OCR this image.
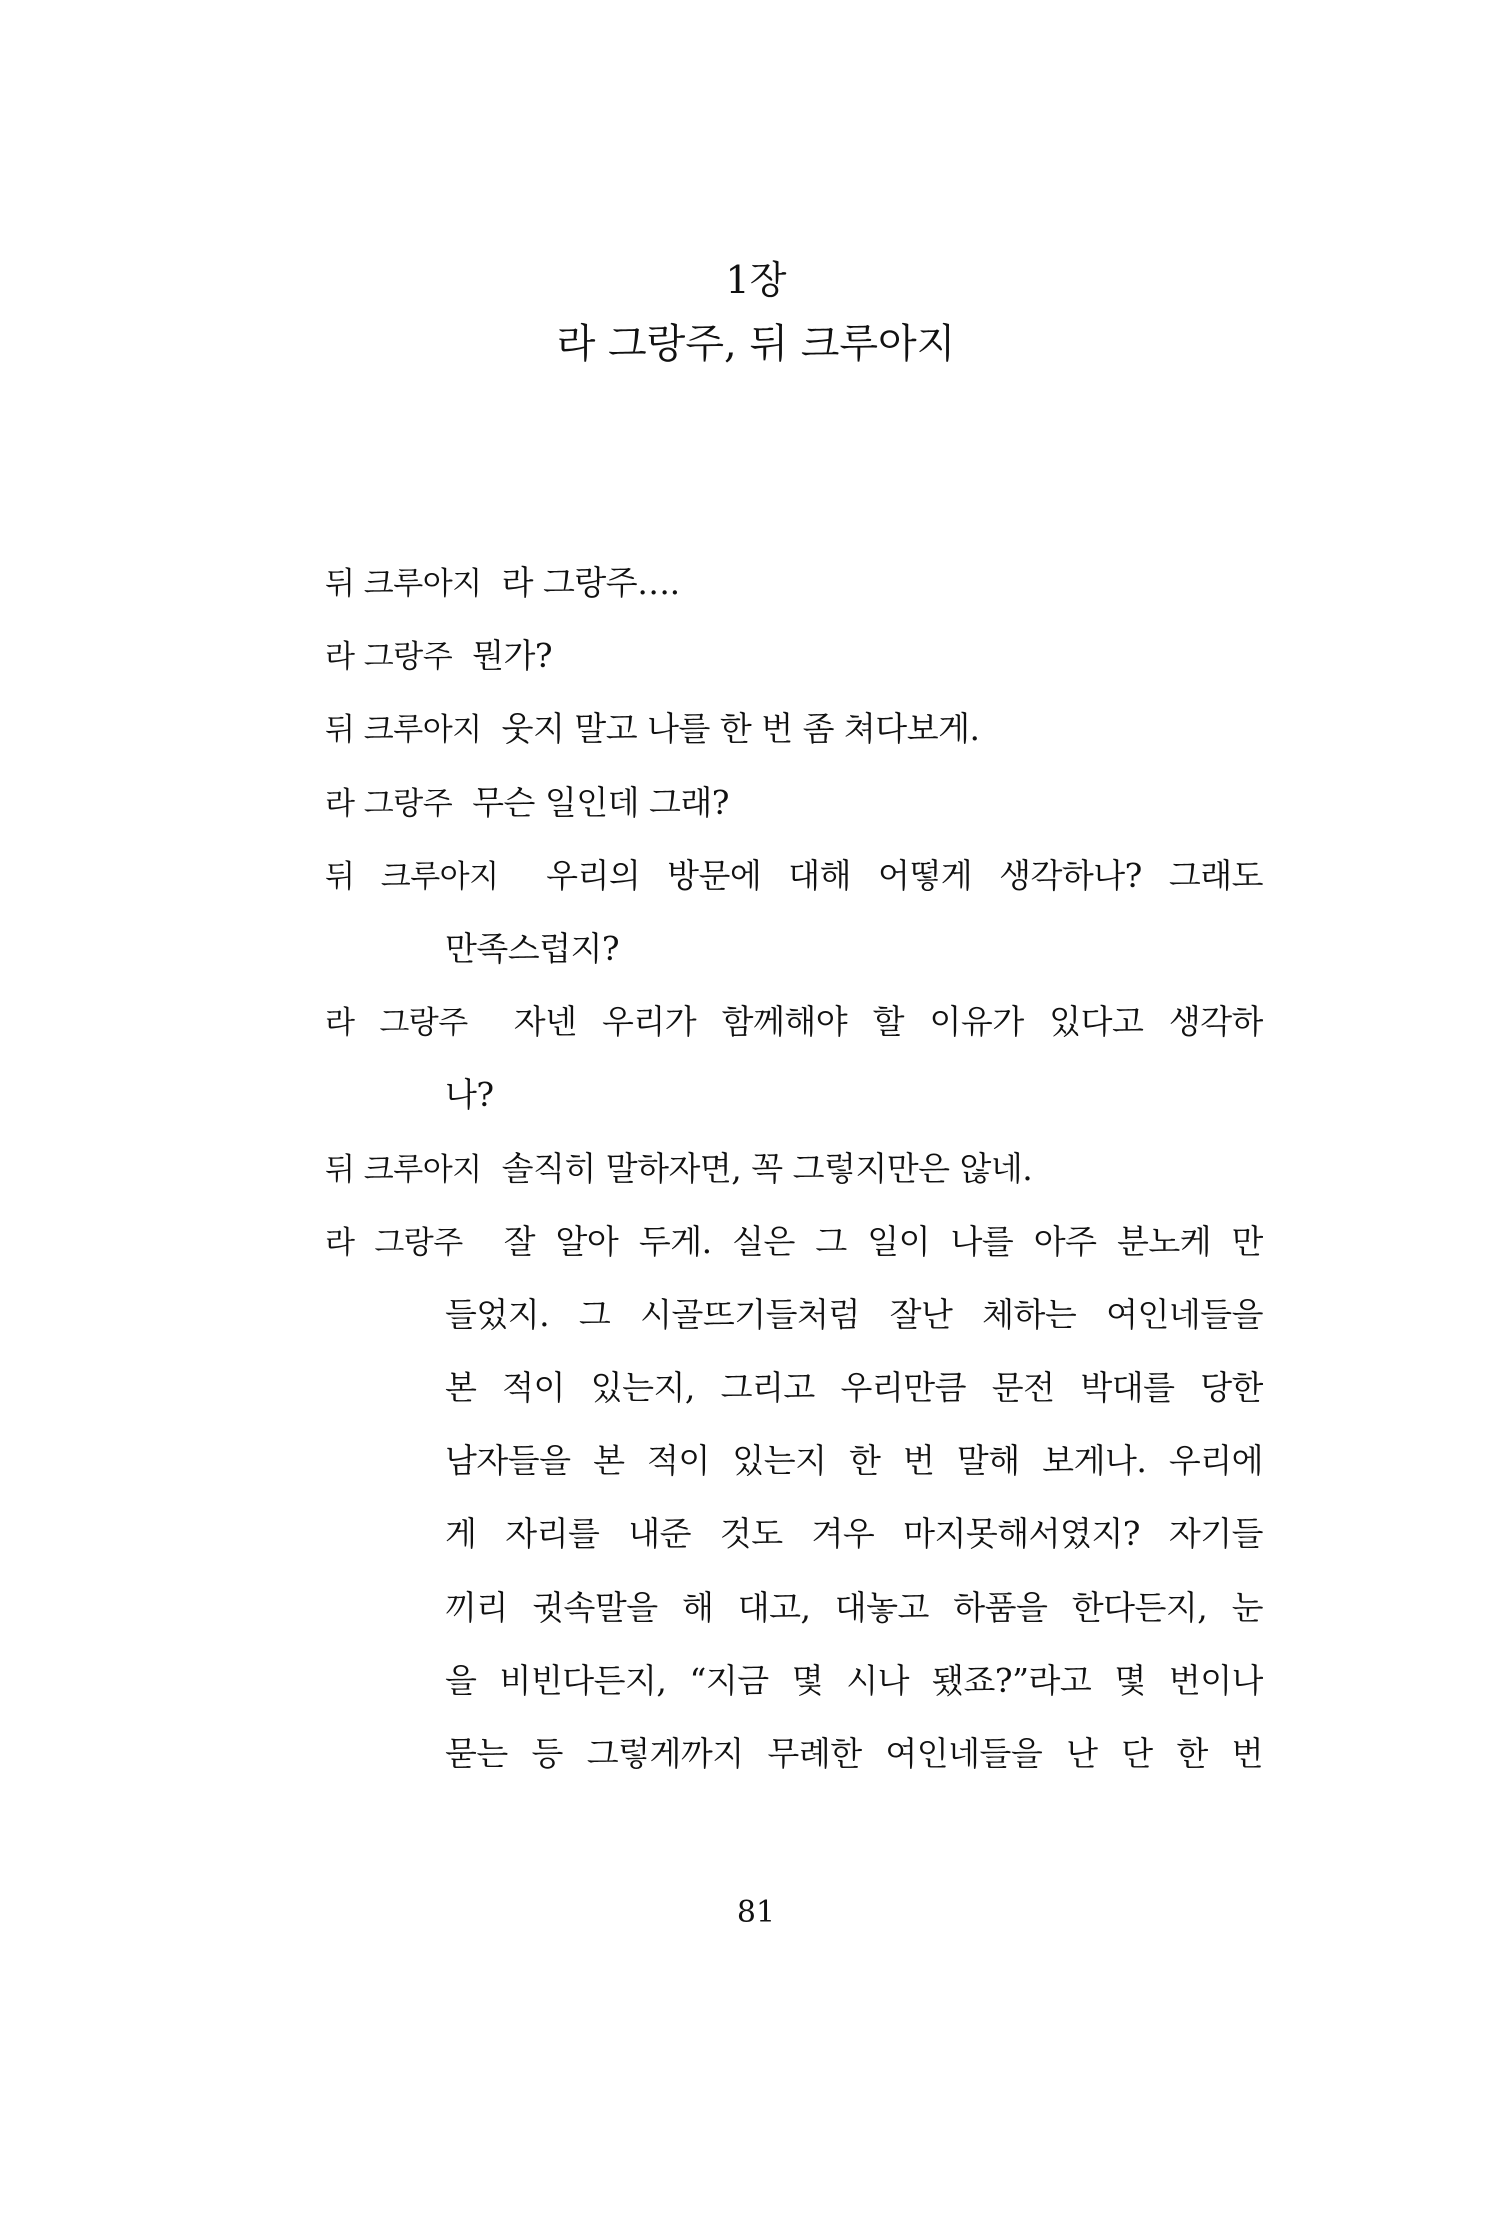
1장
라 그랑주, 뒤 크루아지
뒤 크루아지 라 그랑주….
라 그랑주 뭔가?
뒤 크루아지 웃지 말고 나를 한 번 좀 쳐다보게.
라 그랑주 무슨 일인데 그래?
뒤 크루아지 우리의 방문에 대해 어떻게 생각하나? 그래도
만족스럽지?
라 그랑주 자넨 우리가 함께해야 할 이유가 있다고 생각하
나?
뒤 크루아지 솔직히 말하자면, 꼭 그렇지만은 않네.
라 그랑주 잘 알아 두게. 실은 그 일이 나를 아주 분노케 만
들었지. 그 시골뜨기들처럼 잘난 체하는 여인네들을
본 적이 있는지, 그리고 우리만큼 문전 박대를 당한
남자들을 본 적이 있는지 한 번 말해 보게나. 우리에
게 자리를 내준 것도 겨우 마지못해서였지? 자기들
끼리 귓속말을 해 대고, 대놓고 하품을 한다든지, 눈
을 비빈다든지, “지금 몇 시나 됐죠?”라고 몇 번이나
묻는 등 그렇게까지 무례한 여인네들을 난 단 한 번
81
